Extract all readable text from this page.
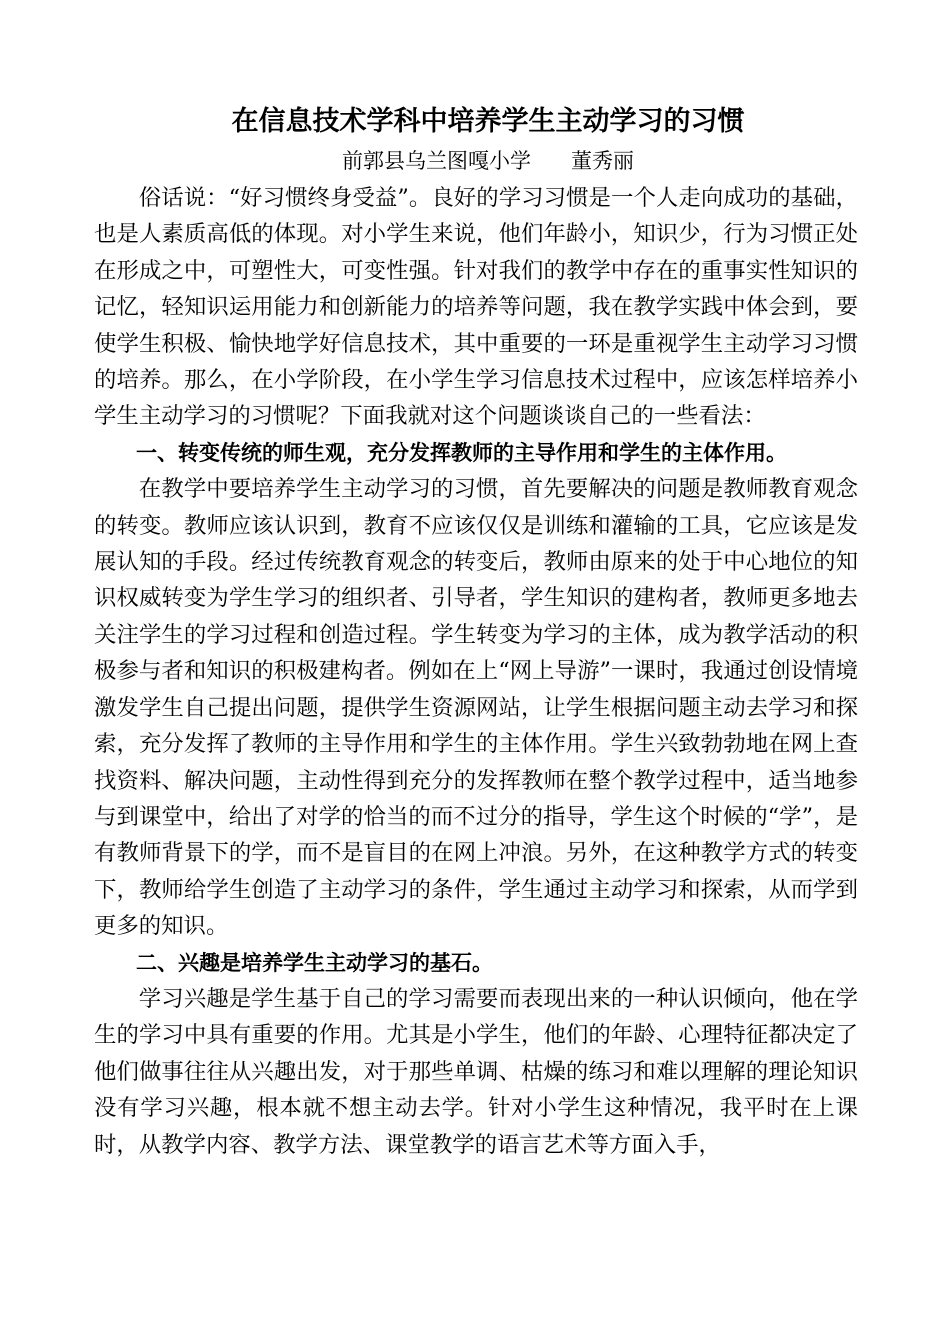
在信息技术学科中培养学生主动学习的习惯

前郭县乌兰图嘎小学      董秀丽

俗话说：“好习惯终身受益”。良好的学习习惯是一个人走向成功的基础，也是人素质高低的体现。对小学生来说，他们年龄小，知识少，行为习惯正处在形成之中，可塑性大，可变性强。针对我们的教学中存在的重事实性知识的记忆，轻知识运用能力和创新能力的培养等问题，我在教学实践中体会到，要使学生积极、愉快地学好信息技术，其中重要的一环是重视学生主动学习习惯的培养。那么，在小学阶段，在小学生学习信息技术过程中，应该怎样培养小学生主动学习的习惯呢？下面我就对这个问题谈谈自己的一些看法：

一、转变传统的师生观，充分发挥教师的主导作用和学生的主体作用。

在教学中要培养学生主动学习的习惯，首先要解决的问题是教师教育观念的转变。教师应该认识到，教育不应该仅仅是训练和灌输的工具，它应该是发展认知的手段。经过传统教育观念的转变后，教师由原来的处于中心地位的知识权威转变为学生学习的组织者、引导者，学生知识的建构者，教师更多地去关注学生的学习过程和创造过程。学生转变为学习的主体，成为教学活动的积极参与者和知识的积极建构者。例如在上“网上导游”一课时，我通过创设情境激发学生自己提出问题，提供学生资源网站，让学生根据问题主动去学习和探索，充分发挥了教师的主导作用和学生的主体作用。学生兴致勃勃地在网上查找资料、解决问题，主动性得到充分的发挥教师在整个教学过程中，适当地参与到课堂中，给出了对学的恰当的而不过分的指导，学生这个时候的“学”，是有教师背景下的学，而不是盲目的在网上冲浪。另外，在这种教学方式的转变下，教师给学生创造了主动学习的条件，学生通过主动学习和探索，从而学到更多的知识。

二、兴趣是培养学生主动学习的基石。

学习兴趣是学生基于自己的学习需要而表现出来的一种认识倾向，他在学生的学习中具有重要的作用。尤其是小学生，他们的年龄、心理特征都决定了他们做事往往从兴趣出发，对于那些单调、枯燥的练习和难以理解的理论知识没有学习兴趣，根本就不想主动去学。针对小学生这种情况，我平时在上课时，从教学内容、教学方法、课堂教学的语言艺术等方面入手，
